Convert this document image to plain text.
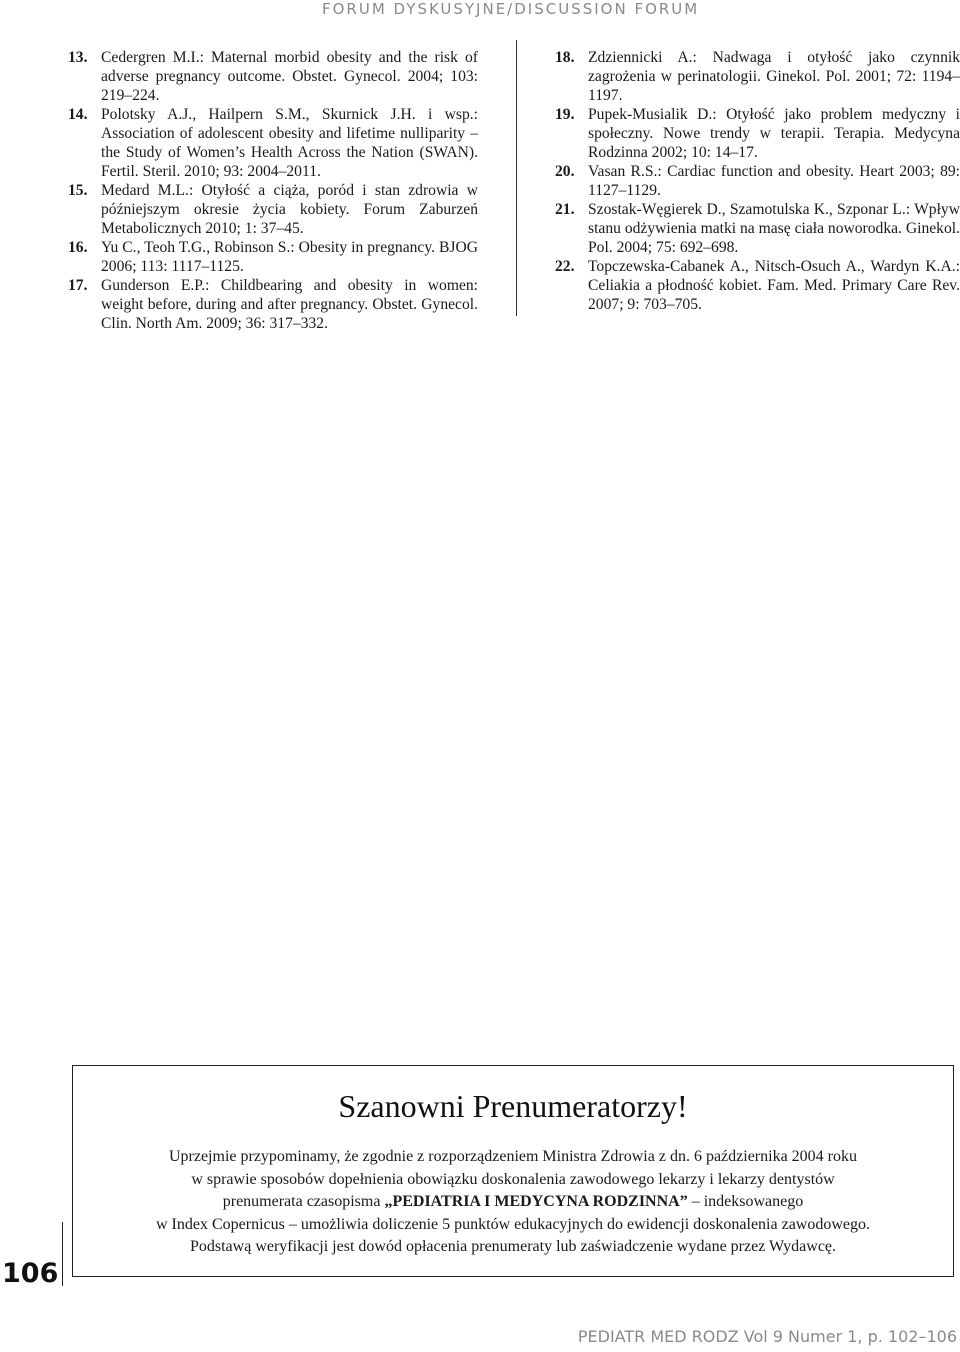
FORUM DYSKUSYJNE/DISCUSSION FORUM
13. Cedergren M.I.: Maternal morbid obesity and the risk of adverse pregnancy outcome. Obstet. Gynecol. 2004; 103: 219–224.
14. Polotsky A.J., Hailpern S.M., Skurnick J.H. i wsp.: Association of adolescent obesity and lifetime nulliparity – the Study of Women’s Health Across the Nation (SWAN). Fertil. Steril. 2010; 93: 2004–2011.
15. Medard M.L.: Otyłość a ciąża, poród i stan zdrowia w późniejszym okresie życia kobiety. Forum Zaburzeń Metabolicznych 2010; 1: 37–45.
16. Yu C., Teoh T.G., Robinson S.: Obesity in pregnancy. BJOG 2006; 113: 1117–1125.
17. Gunderson E.P.: Childbearing and obesity in women: weight before, during and after pregnancy. Obstet. Gynecol. Clin. North Am. 2009; 36: 317–332.
18. Zdziennicki A.: Nadwaga i otyłość jako czynnik zagrożenia w perinatologii. Ginekol. Pol. 2001; 72: 1194–1197.
19. Pupek-Musialik D.: Otyłość jako problem medyczny i społeczny. Nowe trendy w terapii. Terapia. Medycyna Rodzinna 2002; 10: 14–17.
20. Vasan R.S.: Cardiac function and obesity. Heart 2003; 89: 1127–1129.
21. Szostak-Węgierek D., Szamotulska K., Szponar L.: Wpływ stanu odżywienia matki na masę ciała noworodka. Ginekol. Pol. 2004; 75: 692–698.
22. Topczewska-Cabanek A., Nitsch-Osuch A., Wardyn K.A.: Celiakia a płodność kobiet. Fam. Med. Primary Care Rev. 2007; 9: 703–705.
Szanowni Prenumeratorzy!
Uprzejmie przypominamy, że zgodnie z rozporządzeniem Ministra Zdrowia z dn. 6 października 2004 roku
w sprawie sposobów dopełnienia obowiązku doskonalenia zawodowego lekarzy i lekarzy dentystów
prenumerata czasopisma „PEDIATRIA I MEDYCYNA RODZINNA” – indeksowanego
w Index Copernicus – umożliwia doliczenie 5 punktów edukacyjnych do ewidencji doskonalenia zawodowego.
Podstawą weryfikacji jest dowód opłacenia prenumeraty lub zaświadczenie wydane przez Wydawcę.
106
PEDIATR MED RODZ Vol 9 Numer 1, p. 102–106
